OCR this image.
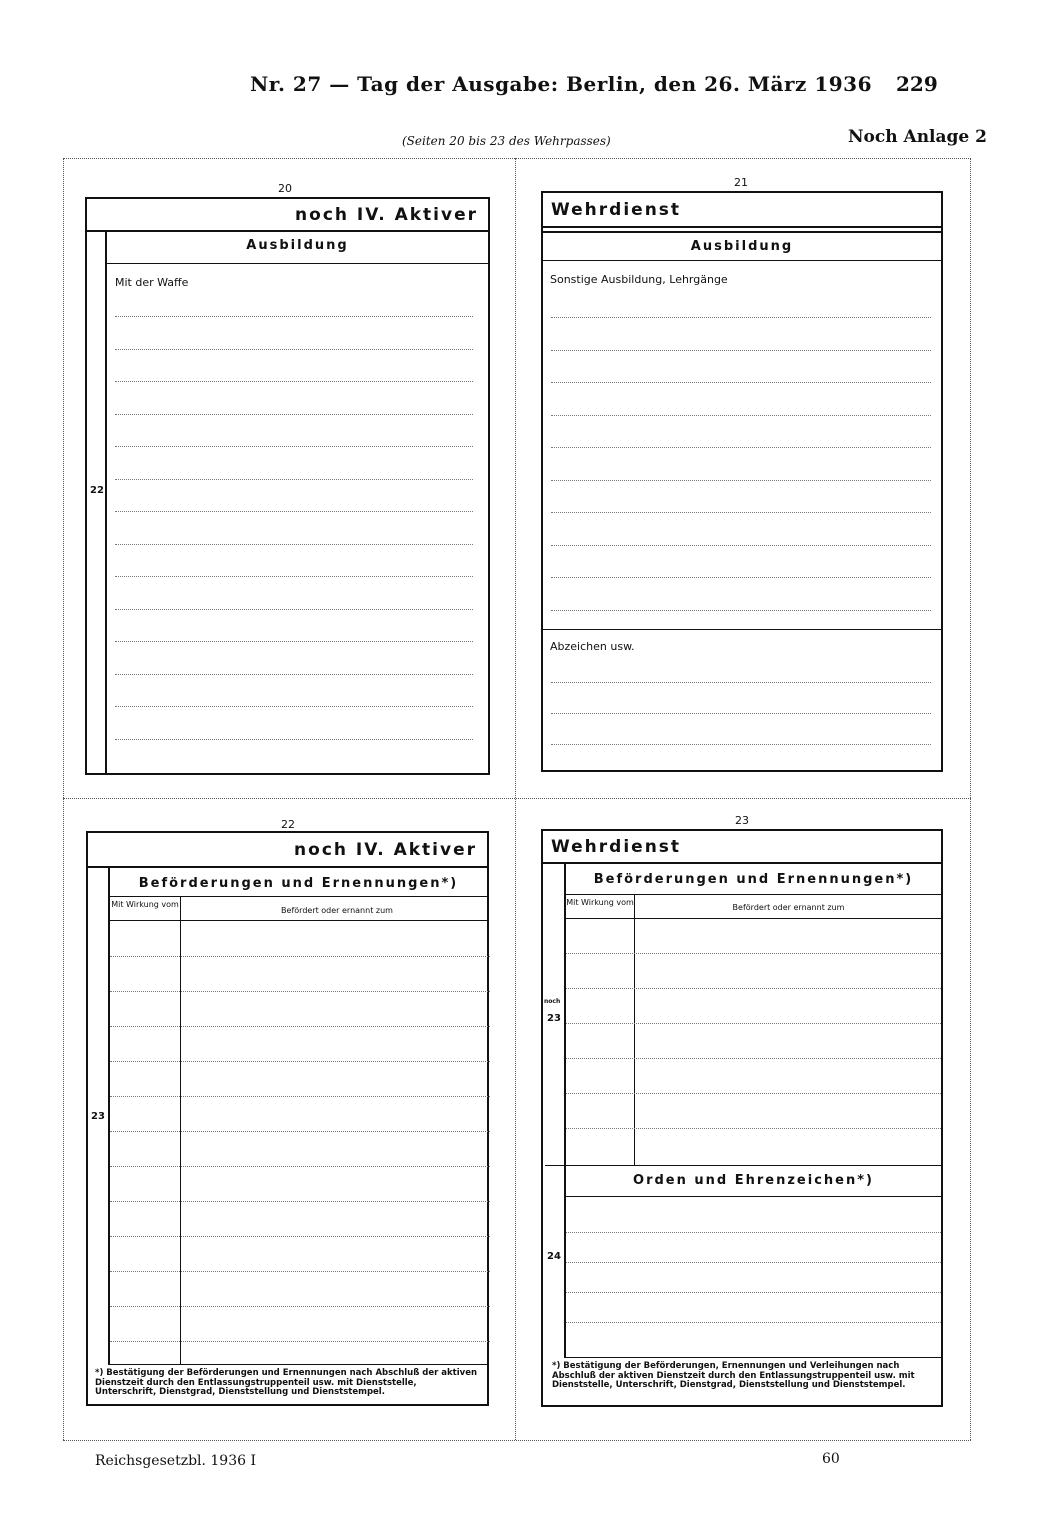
Nr. 27 — Tag der Ausgabe: Berlin, den 26. März 1936 229
(Seiten 20 bis 23 des Wehrpasses)	Noch Anlage 2
20
noch IV. Aktiver
Ausbildung
Mit der Waffe
22
21
Wehrdienst
Ausbildung
Sonstige Ausbildung, Lehrgänge
Abzeichen usw.
22
noch IV. Aktiver
Beförderungen und Ernennungen*)
Mit Wirkung vom
Befördert oder ernannt zum
23
*) Bestätigung der Beförderungen und Ernennungen nach Abschluß der aktiven Dienstzeit durch den Entlassungstruppenteil usw. mit Dienststelle, Unterschrift, Dienstgrad, Dienststellung und Dienststempel.
23
Wehrdienst
Beförderungen und Ernennungen*)
Mit Wirkung vom
Befördert oder ernannt zum
Orden und Ehrenzeichen*)
noch
23
24
*) Bestätigung der Beförderungen, Ernennungen und Verleihungen nach Abschluß der aktiven Dienstzeit durch den Entlassungstruppenteil usw. mit Dienststelle, Unterschrift, Dienstgrad, Dienststellung und Dienststempel.
Reichsgesetzbl. 1936 I	60
